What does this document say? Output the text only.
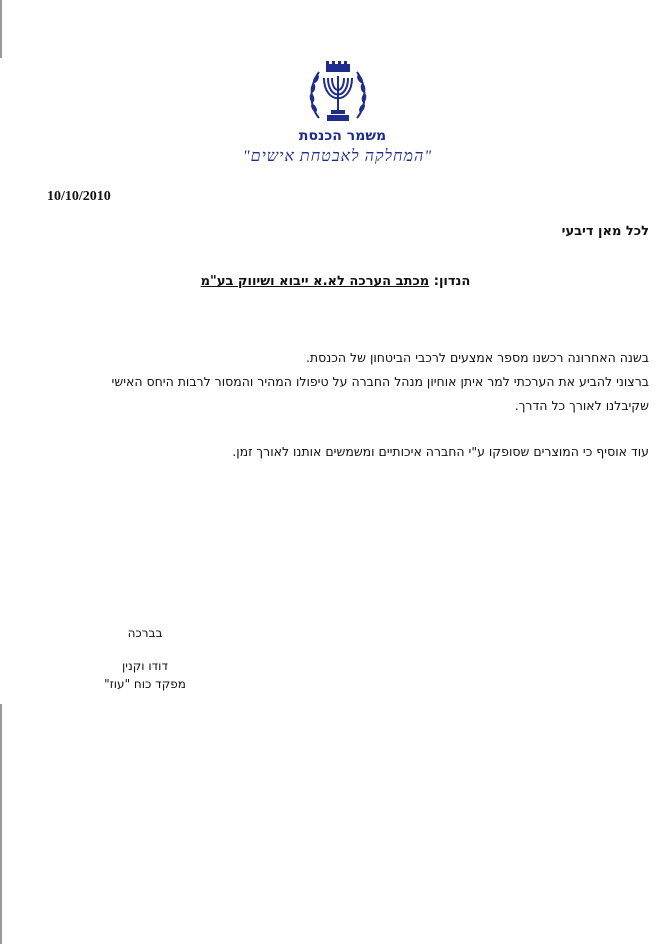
משמר הכנסת
"המחלקה לאבטחת אישים"
10/10/2010
לכל מאן דיבעי
הנדון: מכתב הערכה לא.א ייבוא ושיווק בע"מ

בשנה האחרונה רכשנו מספר אמצעים לרכבי הביטחון של הכנסת.

ברצוני להביע את הערכתי למר איתן אוחיון מנהל החברה על טיפולו המהיר והמסור לרבות היחס האישי שקיבלנו לאורך כל הדרך.

עוד אוסיף כי המוצרים שסופקו ע"י החברה איכותיים ומשמשים אותנו לאורך זמן.

בברכה
דודו וקנין
מפקד כוח "עוז"
